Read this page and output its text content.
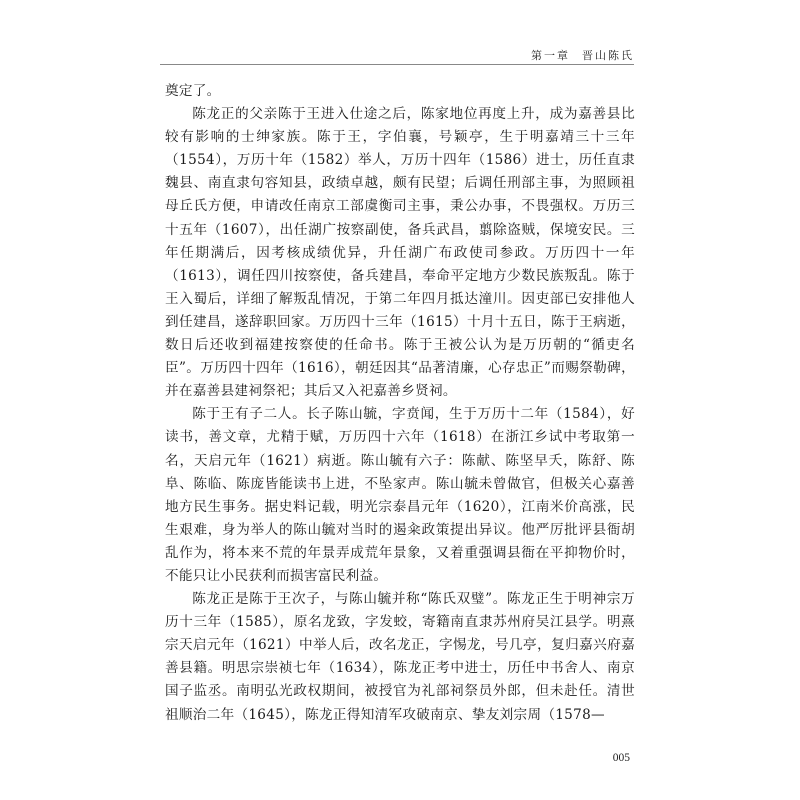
第一章 晋山陈氏

奠定了。

陈龙正的父亲陈于王进入仕途之后，陈家地位再度上升，成为嘉善县比较有影响的士绅家族。陈于王，字伯襄，号颖亭，生于明嘉靖三十三年（1554），万历十年（1582）举人，万历十四年（1586）进士，历任直隶魏县、南直隶句容知县，政绩卓越，颇有民望；后调任刑部主事，为照顾祖母丘氏方便，申请改任南京工部虞衡司主事，秉公办事，不畏强权。万历三十五年（1607），出任湖广按察副使，备兵武昌，翦除盗贼，保境安民。三年任期满后，因考核成绩优异，升任湖广布政使司参政。万历四十一年（1613），调任四川按察使，备兵建昌，奉命平定地方少数民族叛乱。陈于王入蜀后，详细了解叛乱情况，于第二年四月抵达潼川。因吏部已安排他人到任建昌，遂辞职回家。万历四十三年（1615）十月十五日，陈于王病逝，数日后还收到福建按察使的任命书。陈于王被公认为是万历朝的“循吏名臣”。万历四十四年（1616），朝廷因其“品著清廉，心存忠正”而赐祭勒碑，并在嘉善县建祠祭祀；其后又入祀嘉善乡贤祠。

陈于王有子二人。长子陈山毓，字贲闻，生于万历十二年（1584），好读书，善文章，尤精于赋，万历四十六年（1618）在浙江乡试中考取第一名，天启元年（1621）病逝。陈山毓有六子：陈献、陈坚早夭，陈舒、陈阜、陈临、陈庞皆能读书上进，不坠家声。陈山毓未曾做官，但极关心嘉善地方民生事务。据史料记载，明光宗泰昌元年（1620），江南米价高涨，民生艰难，身为举人的陈山毓对当时的遏籴政策提出异议。他严厉批评县衙胡乱作为，将本来不荒的年景弄成荒年景象，又着重强调县衙在平抑物价时，不能只让小民获利而损害富民利益。

陈龙正是陈于王次子，与陈山毓并称“陈氏双璧”。陈龙正生于明神宗万历十三年（1585），原名龙致，字发蛟，寄籍南直隶苏州府吴江县学。明熹宗天启元年（1621）中举人后，改名龙正，字惕龙，号几亭，复归嘉兴府嘉善县籍。明思宗崇祯七年（1634），陈龙正考中进士，历任中书舍人、南京国子监丞。南明弘光政权期间，被授官为礼部祠祭员外郎，但未赴任。清世祖顺治二年（1645），陈龙正得知清军攻破南京、挚友刘宗周（1578—

005
